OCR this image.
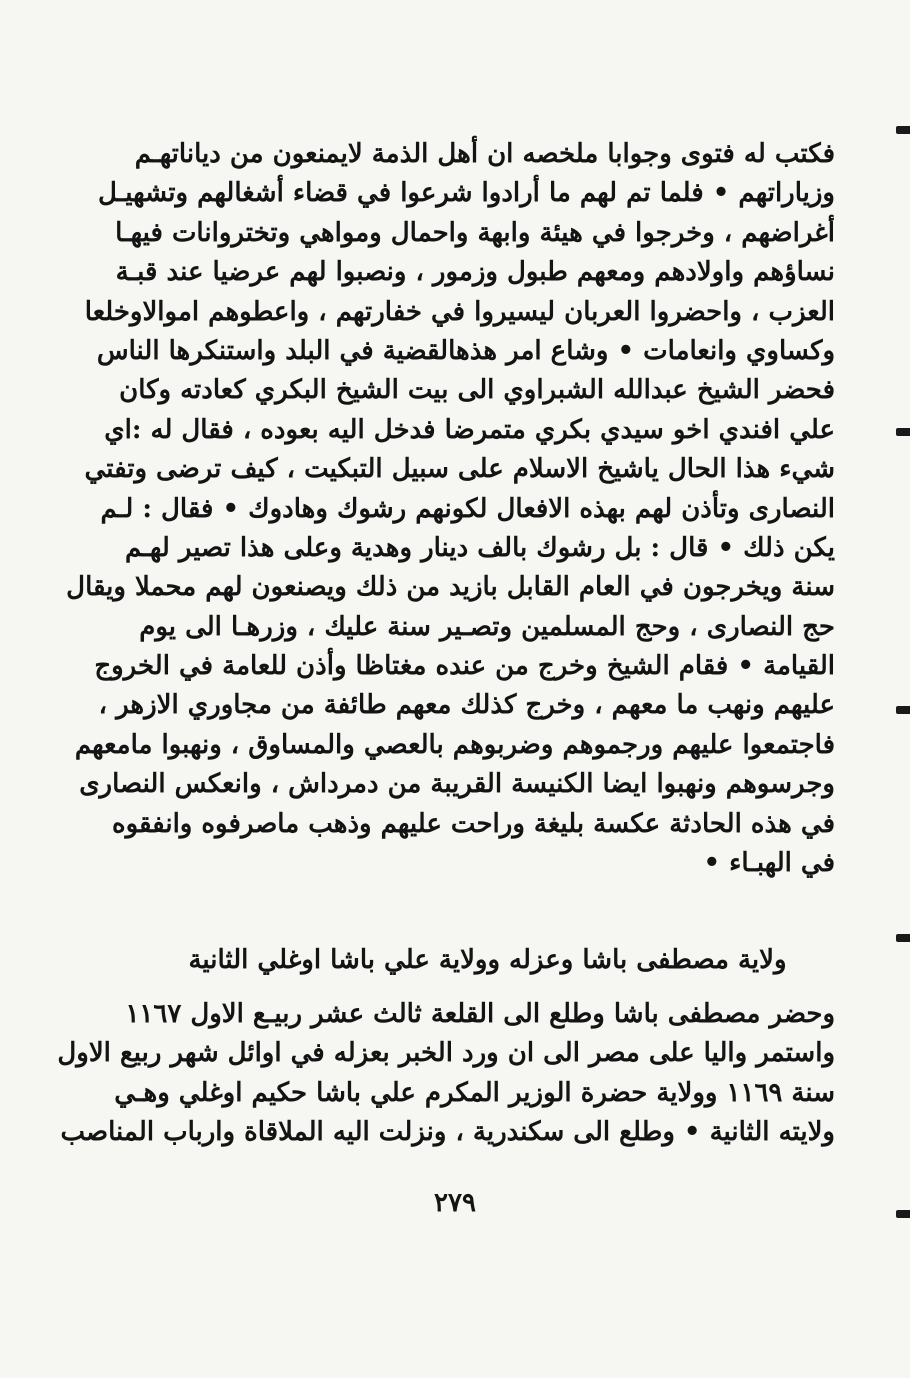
فكتب له فتوى وجوابا ملخصه ان أهل الذمة لايمنعون من دياناتهـم
وزياراتهم • فلما تم لهم ما أرادوا شرعوا في قضاء أشغالهم وتشهيـل
أغراضهم ، وخرجوا في هيئة وابهة واحمال ومواهي وتختروانات فيهـا
نساؤهم واولادهم ومعهم طبول وزمور ، ونصبوا لهم عرضيا عند قبـة
العزب ، واحضروا العربان ليسيروا في خفارتهم ، واعطوهم اموالاوخلعا
وكساوي وانعامات • وشاع امر هذهالقضية في البلد واستنكرها الناس
فحضر الشيخ عبدالله الشبراوي الى بيت الشيخ البكري كعادته وكان
علي افندي اخو سيدي بكري متمرضا فدخل اليه بعوده ، فقال له :اي
شيء هذا الحال ياشيخ الاسلام على سبيل التبكيت ، كيف ترضى وتفتي
النصارى وتأذن لهم بهذه الافعال لكونهم رشوك وهادوك • فقال : لـم
يكن ذلك • قال : بل رشوك بالف دينار وهدية وعلى هذا تصير لهـم
سنة ويخرجون في العام القابل بازيد من ذلك ويصنعون لهم محملا ويقال
حج النصارى ، وحج المسلمين وتصـير سنة عليك ، وزرهـا الى يوم
القيامة • فقام الشيخ وخرج من عنده مغتاظا وأذن للعامة في الخروج
عليهم ونهب ما معهم ، وخرج كذلك معهم طائفة من مجاوري الازهر ،
فاجتمعوا عليهم ورجموهم وضربوهم بالعصي والمساوق ، ونهبوا مامعهم
وجرسوهم ونهبوا ايضا الكنيسة القريبة من دمرداش ، وانعكس النصارى
في هذه الحادثة عكسة بليغة وراحت عليهم وذهب ماصرفوه وانفقوه
في الهبـاء •
ولاية مصطفى باشا وعزله وولاية علي باشا اوغلي الثانية
وحضر مصطفى باشا وطلع الى القلعة ثالث عشر ربيـع الاول ١١٦٧
واستمر واليا على مصر الى ان ورد الخبر بعزله في اوائل شهر ربيع الاول
سنة ١١٦٩ وولاية حضرة الوزير المكرم علي باشا حكيم اوغلي وهـي
ولايته الثانية • وطلع الى سكندرية ، ونزلت اليه الملاقاة وارباب المناصب
٢٧٩
